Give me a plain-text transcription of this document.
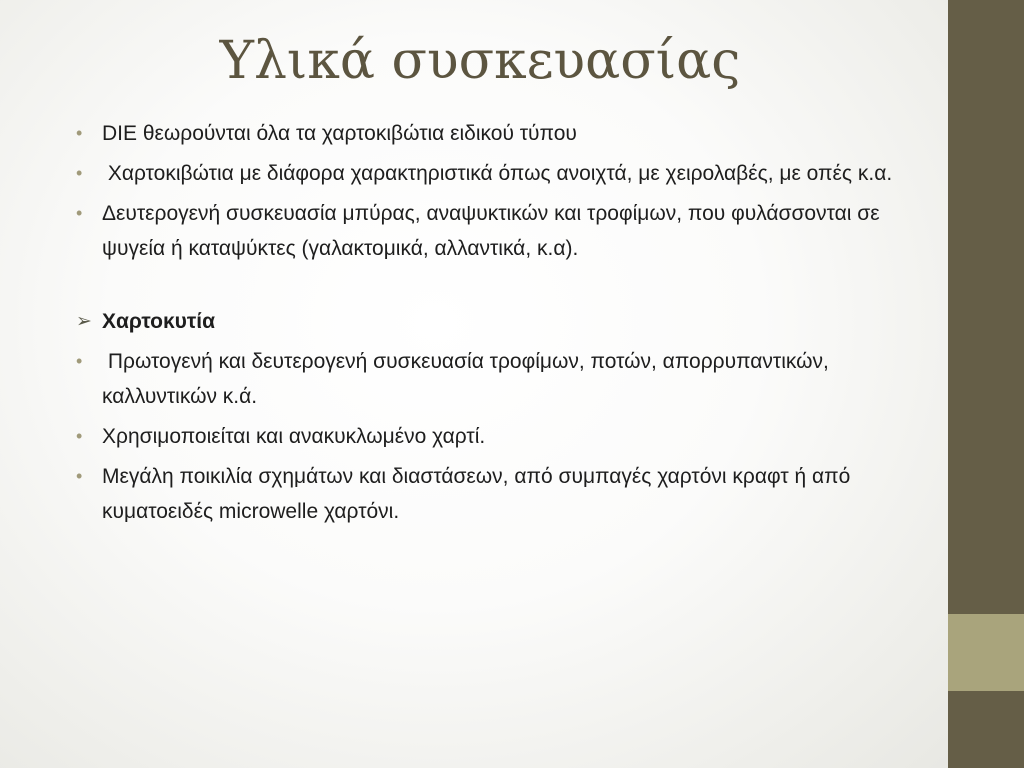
Υλικά συσκευασίας
• DIE θεωρούνται όλα τα χαρτοκιβώτια ειδικού τύπου
• Χαρτοκιβώτια με διάφορα χαρακτηριστικά όπως ανοιχτά, με χειρολαβές, με οπές κ.α.
• Δευτερογενή συσκευασία μπύρας, αναψυκτικών και τροφίμων, που φυλάσσονται σε ψυγεία ή καταψύκτες (γαλακτομικά, αλλαντικά, κ.α).
➢ Χαρτοκυτία
• Πρωτογενή και δευτερογενή συσκευασία τροφίμων, ποτών, απορρυπαντικών, καλλυντικών κ.ά.
• Χρησιμοποιείται και ανακυκλωμένο χαρτί.
• Μεγάλη ποικιλία σχημάτων και διαστάσεων, από συμπαγές χαρτόνι κραφτ ή από κυματοειδές microwelle χαρτόνι.
